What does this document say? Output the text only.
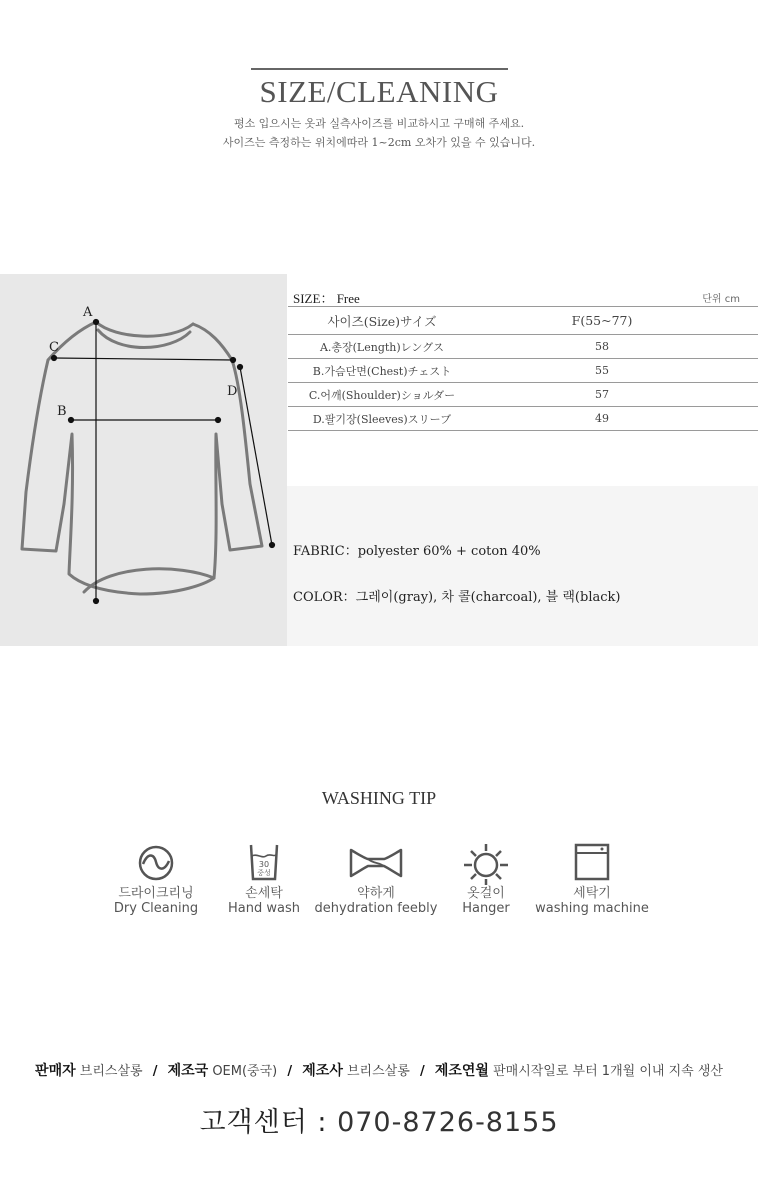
SIZE/CLEANING
평소 입으시는 옷과 실측사이즈를 비교하시고 구매해 주세요.
사이즈는 측정하는 위치에따라 1~2cm 오차가 있을 수 있습니다.
A
C
B
D
SIZE： Free	단위 cm
사이즈(Size)サイズ	F(55~77)
A.총장(Length)レングス	58
B.가슴단면(Chest)チェスト	55
C.어깨(Shoulder)ショルダー	57
D.팔기장(Sleeves)スリーブ	49
FABRIC：polyester 60% + coton 40%
COLOR：그레이(gray), 차 콜(charcoal), 블 랙(black)
WASHING TIP
드라이크리닝
Dry Cleaning
30
중성
손세탁
Hand wash
약하게
dehydration feebly
옷걸이
Hanger
세탁기
washing machine
판매자 브리스살롱 / 제조국 OEM(중국) / 제조사 브리스살롱 / 제조연월 판매시작일로 부터 1개월 이내 지속 생산
고객센터 : 070-8726-8155
